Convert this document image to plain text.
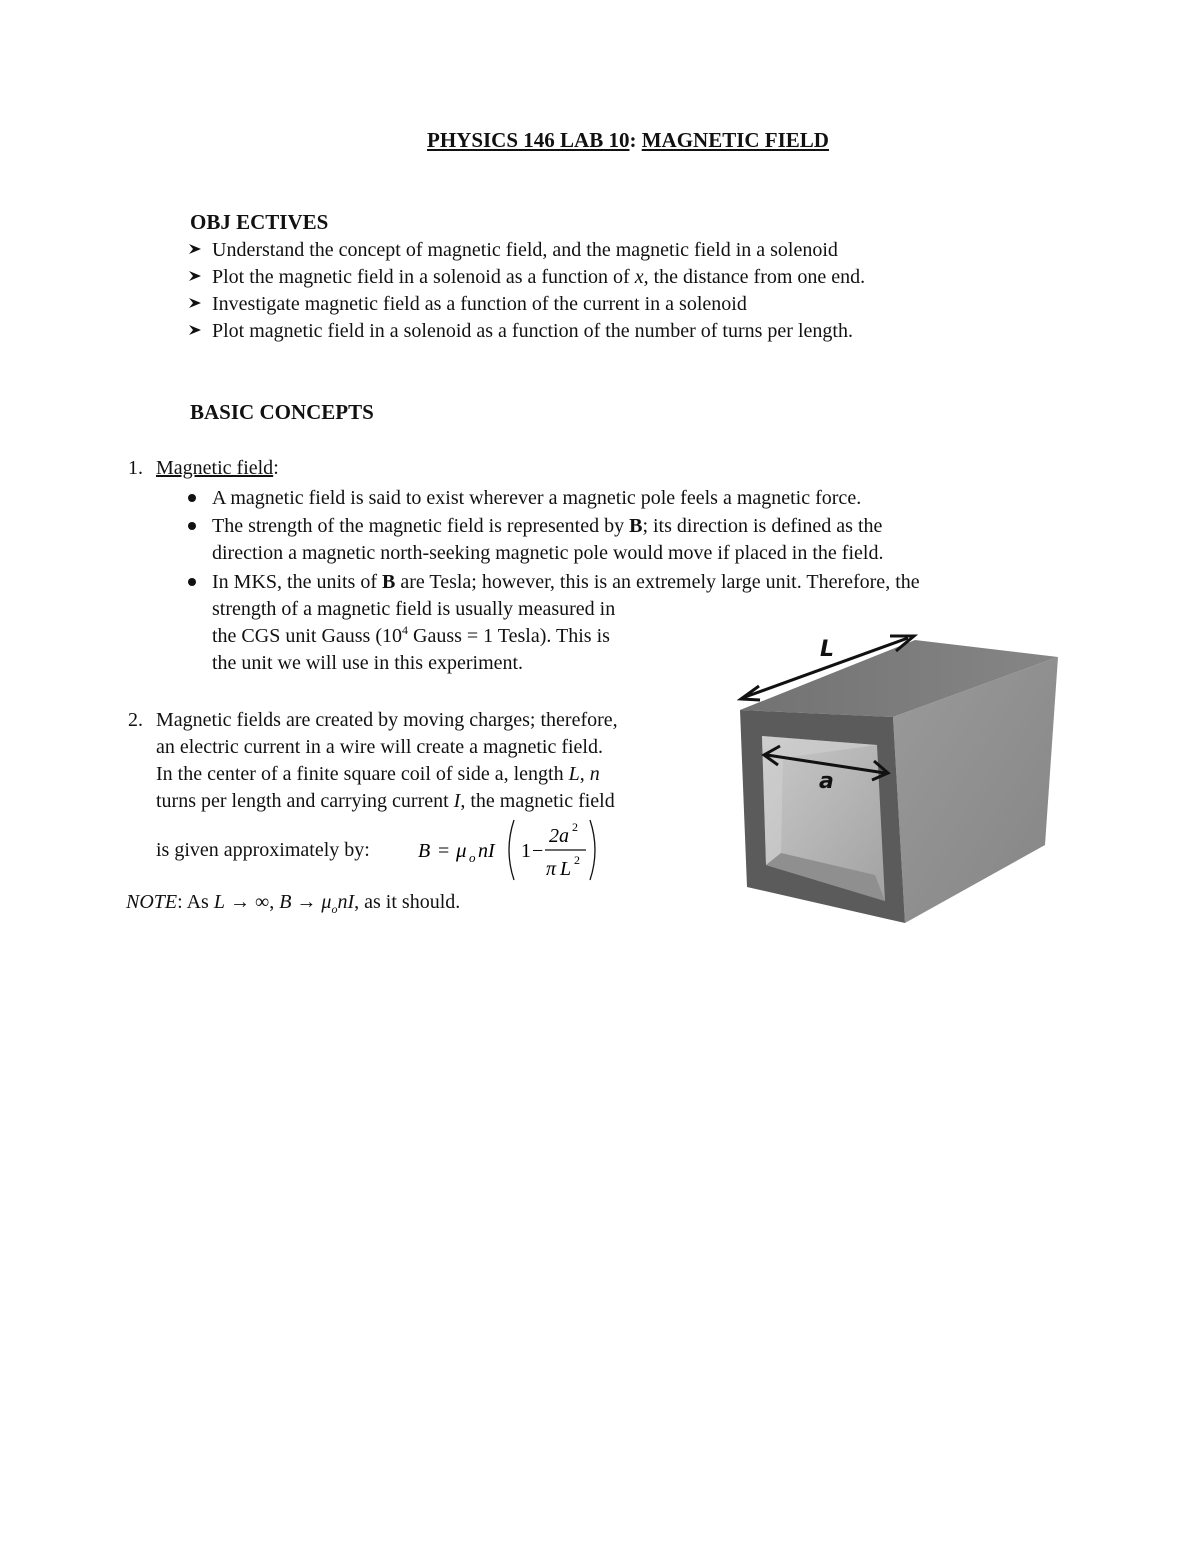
PHYSICS 146 LAB 10: MAGNETIC FIELD
OBJ ECTIVES
Understand the concept of magnetic field, and the magnetic field in a solenoid
Plot the magnetic field in a solenoid as a function of x, the distance from one end.
Investigate magnetic field as a function of the current in a solenoid
Plot magnetic field in a solenoid as a function of the number of turns per length.
BASIC CONCEPTS
1. Magnetic field:
A magnetic field is said to exist wherever a magnetic pole feels a magnetic force.
The strength of the magnetic field is represented by B; its direction is defined as the
direction a magnetic north-seeking magnetic pole would move if placed in the field.
In MKS, the units of B are Tesla; however, this is an extremely large unit. Therefore, the
strength of a magnetic field is usually measured in
the CGS unit Gauss ($10^4$ Gauss = 1 Tesla). This is
the unit we will use in this experiment.
2. Magnetic fields are created by moving charges; therefore,
an electric current in a wire will create a magnetic field.
In the center of a finite square coil of side a, length L, n
turns per length and carrying current I, the magnetic field
is given approximately by: B = μ o nI 1 −
2a 2
π L 2
NOTE: As L → ∞, $B \to \mu_onI$, as it should.
L
a
